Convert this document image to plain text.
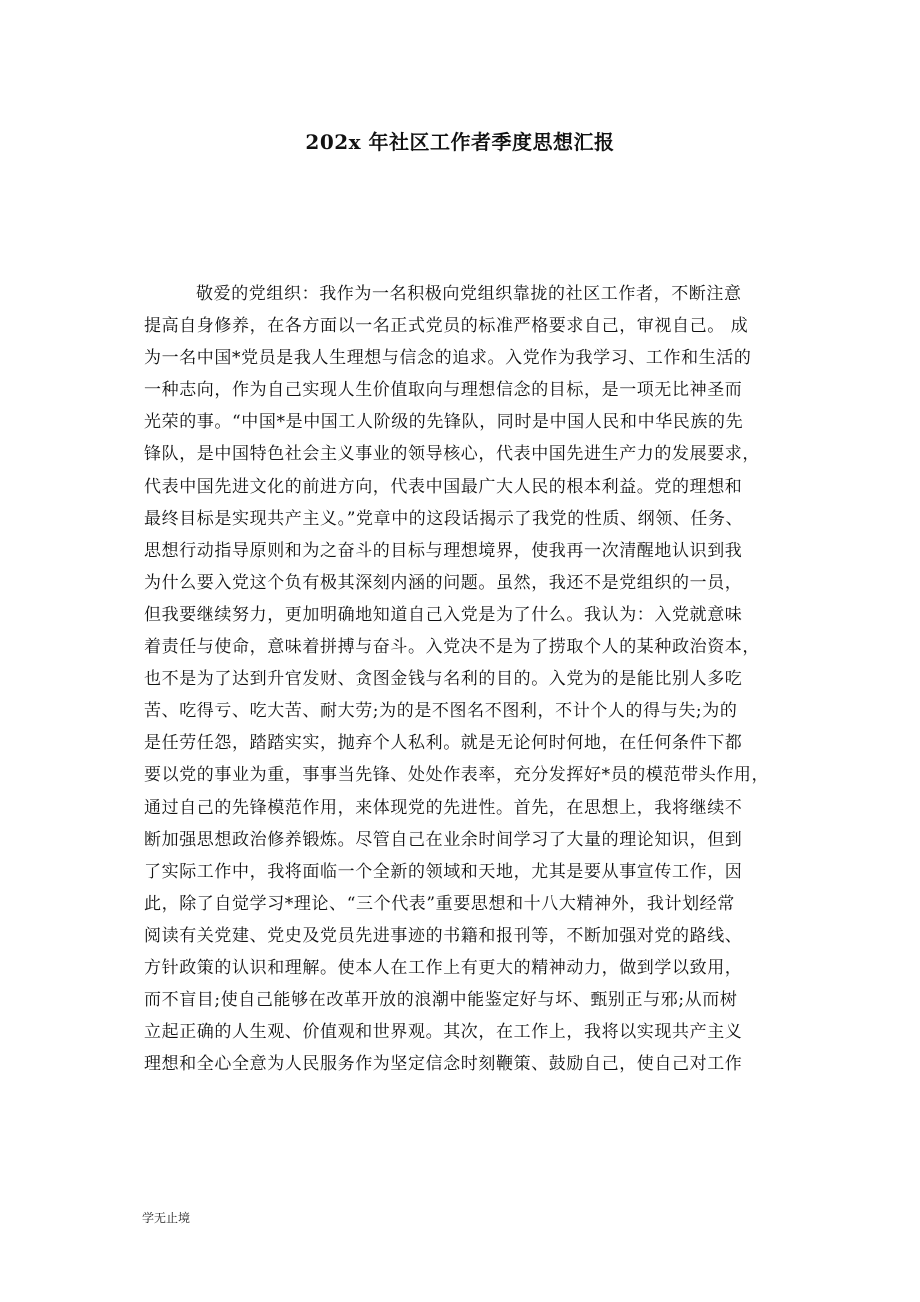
202x 年社区工作者季度思想汇报
敬爱的党组织：我作为一名积极向党组织靠拢的社区工作者，不断注意
提高自身修养，在各方面以一名正式党员的标准严格要求自己，审视自己。 成
为一名中国*党员是我人生理想与信念的追求。入党作为我学习、工作和生活的
一种志向，作为自己实现人生价值取向与理想信念的目标，是一项无比神圣而
光荣的事。“中国*是中国工人阶级的先锋队，同时是中国人民和中华民族的先
锋队，是中国特色社会主义事业的领导核心，代表中国先进生产力的发展要求，
代表中国先进文化的前进方向，代表中国最广大人民的根本利益。党的理想和
最终目标是实现共产主义。”党章中的这段话揭示了我党的性质、纲领、任务、
思想行动指导原则和为之奋斗的目标与理想境界，使我再一次清醒地认识到我
为什么要入党这个负有极其深刻内涵的问题。虽然，我还不是党组织的一员，
但我要继续努力，更加明确地知道自己入党是为了什么。我认为：入党就意味
着责任与使命，意味着拼搏与奋斗。入党决不是为了捞取个人的某种政治资本，
也不是为了达到升官发财、贪图金钱与名利的目的。入党为的是能比别人多吃
苦、吃得亏、吃大苦、耐大劳;为的是不图名不图利，不计个人的得与失;为的
是任劳任怨，踏踏实实，抛弃个人私利。就是无论何时何地，在任何条件下都
要以党的事业为重，事事当先锋、处处作表率，充分发挥好*员的模范带头作用，
通过自己的先锋模范作用，来体现党的先进性。首先，在思想上，我将继续不
断加强思想政治修养锻炼。尽管自己在业余时间学习了大量的理论知识，但到
了实际工作中，我将面临一个全新的领域和天地，尤其是要从事宣传工作，因
此，除了自觉学习*理论、“三个代表”重要思想和十八大精神外，我计划经常
阅读有关党建、党史及党员先进事迹的书籍和报刊等，不断加强对党的路线、
方针政策的认识和理解。使本人在工作上有更大的精神动力，做到学以致用，
而不盲目;使自己能够在改革开放的浪潮中能鉴定好与坏、甄别正与邪;从而树
立起正确的人生观、价值观和世界观。其次，在工作上，我将以实现共产主义
理想和全心全意为人民服务作为坚定信念时刻鞭策、鼓励自己，使自己对工作
学无止境
